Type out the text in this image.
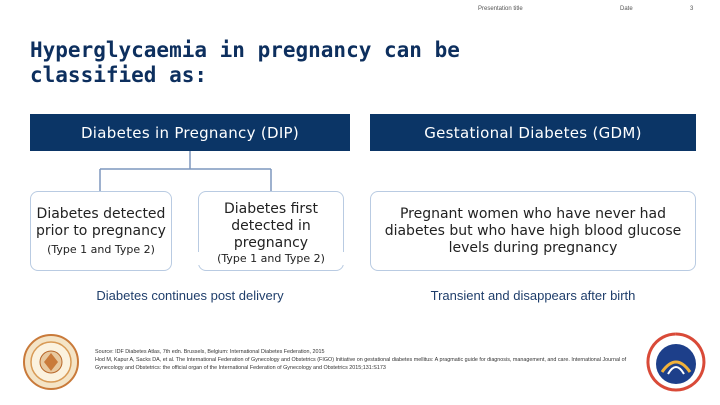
Presentation title	Date	3
Hyperglycaemia in pregnancy can be classified as:
Diabetes in Pregnancy (DIP)	Gestational Diabetes (GDM)
Diabetes detected prior to pregnancy
(Type 1 and Type 2)
Diabetes first detected in pregnancy
(Type 1 and Type 2)
Pregnant women who have never had diabetes but who have high blood glucose levels during pregnancy
Diabetes continues post delivery	Transient and disappears after birth
Source: IDF Diabetes Atlas, 7th edn. Brussels, Belgium: International Diabetes Federation, 2015
Hod M, Kapur A, Sacks DA, et al. The International Federation of Gynecology and Obstetrics (FIGO) Initiative on gestational diabetes mellitus: A pragmatic guide for diagnosis, management, and care. International Journal of Gynecology and Obstetrics: the official organ of the International Federation of Gynecology and Obstetrics 2015;131:S173
